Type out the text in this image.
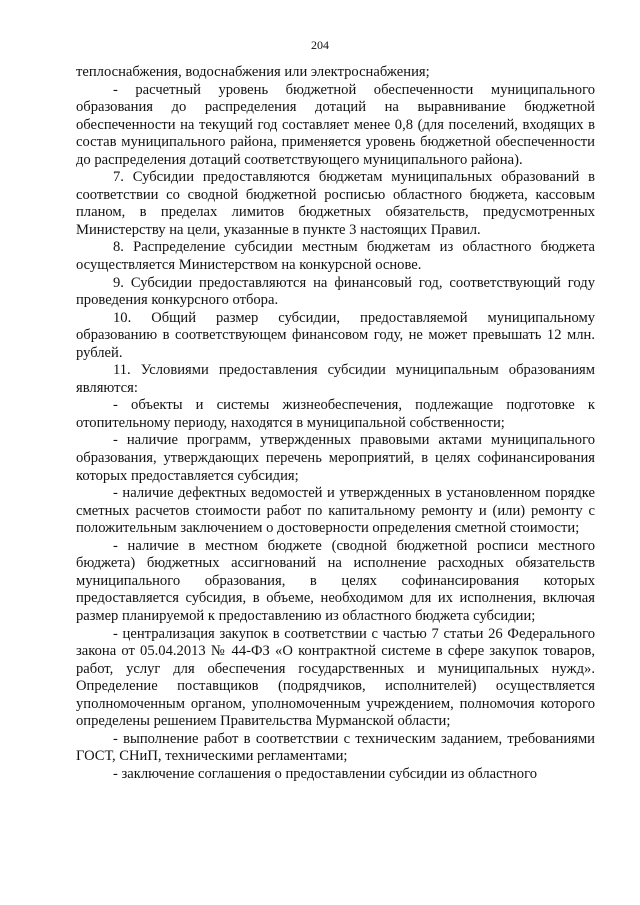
204

теплоснабжения, водоснабжения или электроснабжения;

- расчетный уровень бюджетной обеспеченности муниципального образования до распределения дотаций на выравнивание бюджетной обеспеченности на текущий год составляет менее 0,8 (для поселений, входящих в состав муниципального района, применяется уровень бюджетной обеспеченности до распределения дотаций соответствующего муниципального района).

7. Субсидии предоставляются бюджетам муниципальных образований в соответствии со сводной бюджетной росписью областного бюджета, кассовым планом, в пределах лимитов бюджетных обязательств, предусмотренных Министерству на цели, указанные в пункте 3 настоящих Правил.

8. Распределение субсидии местным бюджетам из областного бюджета осуществляется Министерством на конкурсной основе.

9. Субсидии предоставляются на финансовый год, соответствующий году проведения конкурсного отбора.

10. Общий размер субсидии, предоставляемой муниципальному образованию в соответствующем финансовом году, не может превышать 12 млн. рублей.

11. Условиями предоставления субсидии муниципальным образованиям являются:

- объекты и системы жизнеобеспечения, подлежащие подготовке к отопительному периоду, находятся в муниципальной собственности;

- наличие программ, утвержденных правовыми актами муниципального образования, утверждающих перечень мероприятий, в целях софинансирования которых предоставляется субсидия;

- наличие дефектных ведомостей и утвержденных в установленном порядке сметных расчетов стоимости работ по капитальному ремонту и (или) ремонту с положительным заключением о достоверности определения сметной стоимости;

- наличие в местном бюджете (сводной бюджетной росписи местного бюджета) бюджетных ассигнований на исполнение расходных обязательств муниципального образования, в целях софинансирования которых предоставляется субсидия, в объеме, необходимом для их исполнения, включая размер планируемой к предоставлению из областного бюджета субсидии;

- централизация закупок в соответствии с частью 7 статьи 26 Федерального закона от 05.04.2013 № 44-ФЗ «О контрактной системе в сфере закупок товаров, работ, услуг для обеспечения государственных и муниципальных нужд». Определение поставщиков (подрядчиков, исполнителей) осуществляется уполномоченным органом, уполномоченным учреждением, полномочия которого определены решением Правительства Мурманской области;

- выполнение работ в соответствии с техническим заданием, требованиями ГОСТ, СНиП, техническими регламентами;

- заключение соглашения о предоставлении субсидии из областного
